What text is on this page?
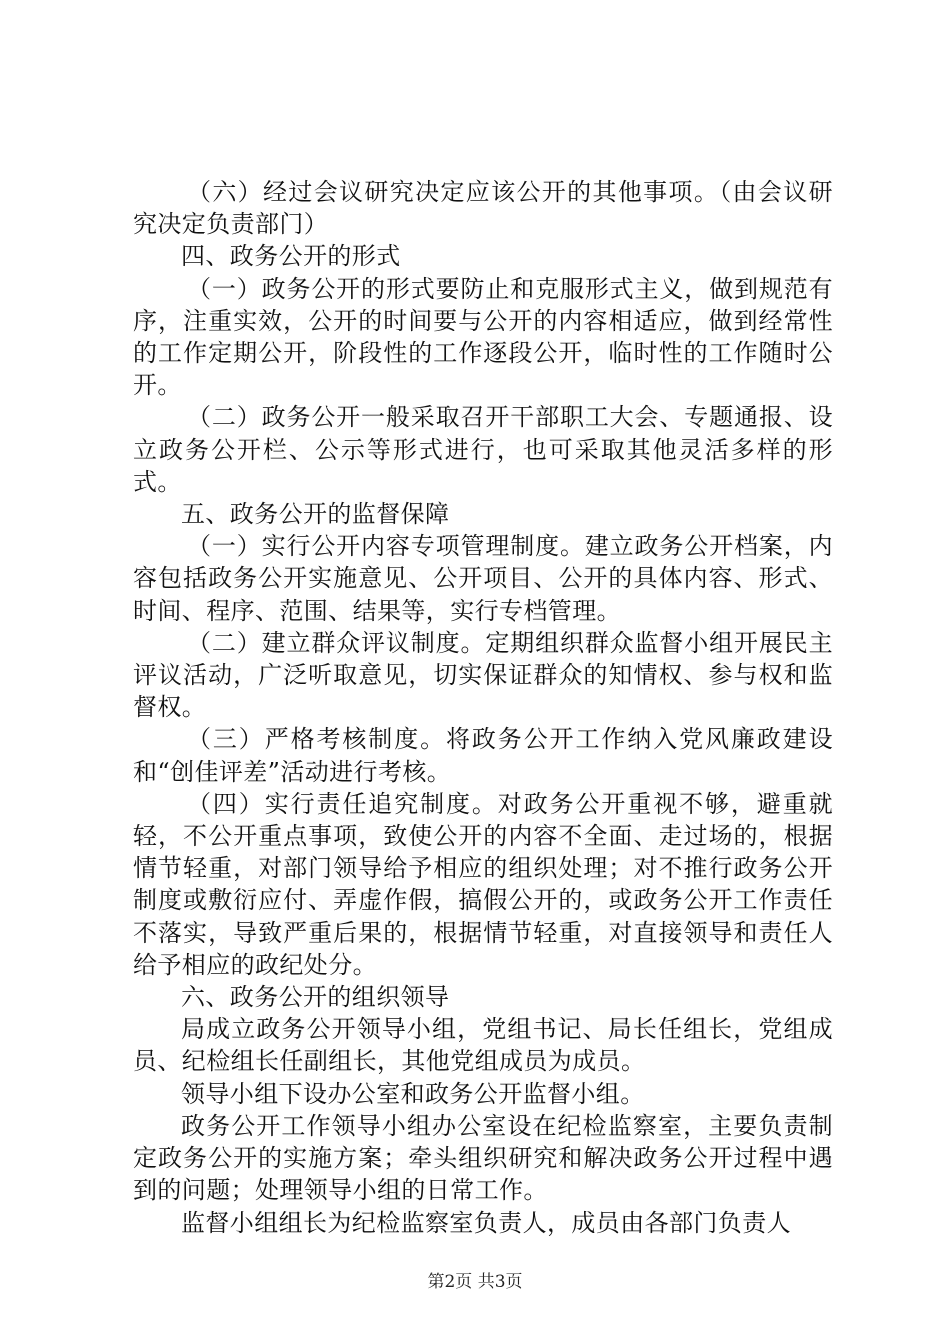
（六）经过会议研究决定应该公开的其他事项。（由会议研究决定负责部门）

四、政务公开的形式

（一）政务公开的形式要防止和克服形式主义，做到规范有序，注重实效，公开的时间要与公开的内容相适应，做到经常性的工作定期公开，阶段性的工作逐段公开，临时性的工作随时公开。

（二）政务公开一般采取召开干部职工大会、专题通报、设立政务公开栏、公示等形式进行，也可采取其他灵活多样的形式。

五、政务公开的监督保障

（一）实行公开内容专项管理制度。建立政务公开档案，内容包括政务公开实施意见、公开项目、公开的具体内容、形式、时间、程序、范围、结果等，实行专档管理。

（二）建立群众评议制度。定期组织群众监督小组开展民主评议活动，广泛听取意见，切实保证群众的知情权、参与权和监督权。

（三）严格考核制度。将政务公开工作纳入党风廉政建设和“创佳评差”活动进行考核。

（四）实行责任追究制度。对政务公开重视不够，避重就轻，不公开重点事项，致使公开的内容不全面、走过场的，根据情节轻重，对部门领导给予相应的组织处理；对不推行政务公开制度或敷衍应付、弄虚作假，搞假公开的，或政务公开工作责任不落实，导致严重后果的，根据情节轻重，对直接领导和责任人给予相应的政纪处分。

六、政务公开的组织领导

局成立政务公开领导小组，党组书记、局长任组长，党组成员、纪检组长任副组长，其他党组成员为成员。

领导小组下设办公室和政务公开监督小组。

政务公开工作领导小组办公室设在纪检监察室，主要负责制定政务公开的实施方案；牵头组织研究和解决政务公开过程中遇到的问题；处理领导小组的日常工作。

监督小组组长为纪检监察室负责人，成员由各部门负责人

第2页 共3页
